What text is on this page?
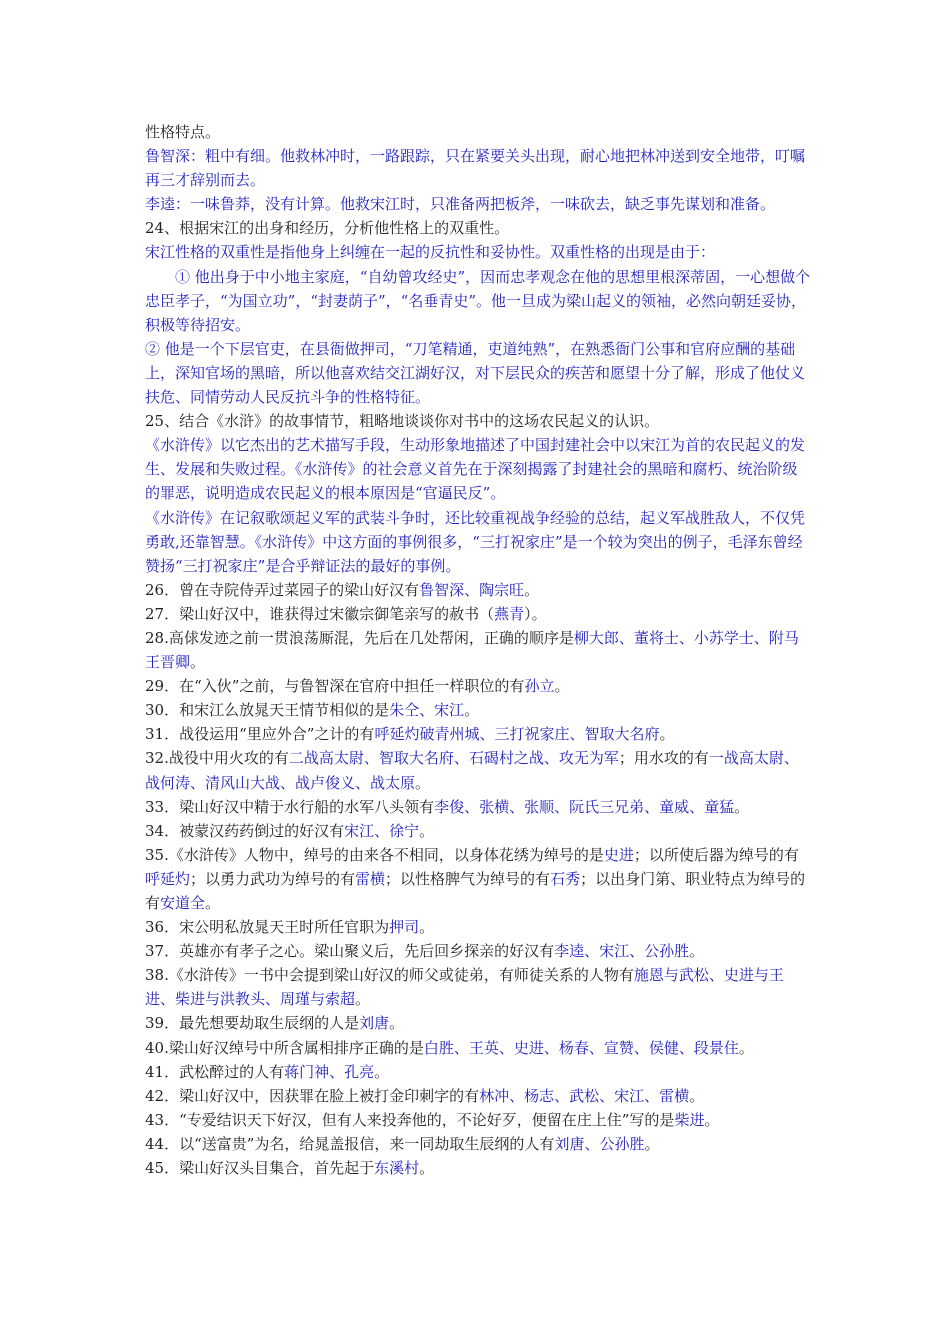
性格特点。

鲁智深：粗中有细。他救林冲时，一路跟踪，只在紧要关头出现，耐心地把林冲送到安全地带，叮嘱再三才辞别而去。

李逵：一味鲁莽，没有计算。他救宋江时，只准备两把板斧，一味砍去，缺乏事先谋划和准备。

24、根据宋江的出身和经历，分析他性格上的双重性。

宋江性格的双重性是指他身上纠缠在一起的反抗性和妥协性。双重性格的出现是由于：

① 他出身于中小地主家庭，“自幼曾攻经史”，因而忠孝观念在他的思想里根深蒂固，一心想做个忠臣孝子，“为国立功”，“封妻荫子”，“名垂青史”。他一旦成为梁山起义的领袖，必然向朝廷妥协，积极等待招安。

② 他是一个下层官吏，在县衙做押司，“刀笔精通，吏道纯熟”，在熟悉衙门公事和官府应酬的基础上，深知官场的黑暗，所以他喜欢结交江湖好汉，对下层民众的疾苦和愿望十分了解，形成了他仗义扶危、同情劳动人民反抗斗争的性格特征。

25、结合《水浒》的故事情节，粗略地谈谈你对书中的这场农民起义的认识。

《水浒传》以它杰出的艺术描写手段，生动形象地描述了中国封建社会中以宋江为首的农民起义的发生、发展和失败过程。《水浒传》的社会意义首先在于深刻揭露了封建社会的黑暗和腐朽、统治阶级的罪恶，说明造成农民起义的根本原因是“官逼民反”。

《水浒传》在记叙歌颂起义军的武装斗争时，还比较重视战争经验的总结，起义军战胜敌人，不仅凭勇敢,还靠智慧。《水浒传》中这方面的事例很多，“三打祝家庄”是一个较为突出的例子，毛泽东曾经赞扬“三打祝家庄”是合乎辩证法的最好的事例。

26．曾在寺院侍弄过菜园子的梁山好汉有鲁智深、陶宗旺。

27．梁山好汉中，谁获得过宋徽宗御笔亲写的赦书（燕青）。

28.高俅发迹之前一贯浪荡厮混，先后在几处帮闲，正确的顺序是柳大郎、董将士、小苏学士、附马王晋卿。

29．在“入伙”之前，与鲁智深在官府中担任一样职位的有孙立。

30．和宋江么放晁天王情节相似的是朱仝、宋江。

31．战役运用“里应外合”之计的有呼延灼破青州城、三打祝家庄、智取大名府。

32.战役中用火攻的有二战高太尉、智取大名府、石碣村之战、攻无为军；用水攻的有一战高太尉、战何涛、清风山大战、战卢俊义、战太原。

33．梁山好汉中精于水行船的水军八头领有李俊、张横、张顺、阮氏三兄弟、童威、童猛。

34．被蒙汉药药倒过的好汉有宋江、徐宁。

35.《水浒传》人物中，绰号的由来各不相同，以身体花绣为绰号的是史进；以所使后器为绰号的有呼延灼；以勇力武功为绰号的有雷横；以性格脾气为绰号的有石秀；以出身门第、职业特点为绰号的有安道全。

36．宋公明私放晁天王时所任官职为押司。

37．英雄亦有孝子之心。梁山聚义后，先后回乡探亲的好汉有李逵、宋江、公孙胜。

38.《水浒传》一书中会提到梁山好汉的师父或徒弟，有师徒关系的人物有施恩与武松、史进与王进、柴进与洪教头、周瑾与索超。

39．最先想要劫取生辰纲的人是刘唐。

40.梁山好汉绰号中所含属相排序正确的是白胜、王英、史进、杨春、宣赞、侯健、段景住。

41．武松醉过的人有蒋门神、孔亮。

42．梁山好汉中，因获罪在脸上被打金印刺字的有林冲、杨志、武松、宋江、雷横。

43．“专爱结识天下好汉，但有人来投奔他的，不论好歹，便留在庄上住”写的是柴进。

44．以“送富贵”为名，给晁盖报信，来一同劫取生辰纲的人有刘唐、公孙胜。

45．梁山好汉头目集合，首先起于东溪村。
